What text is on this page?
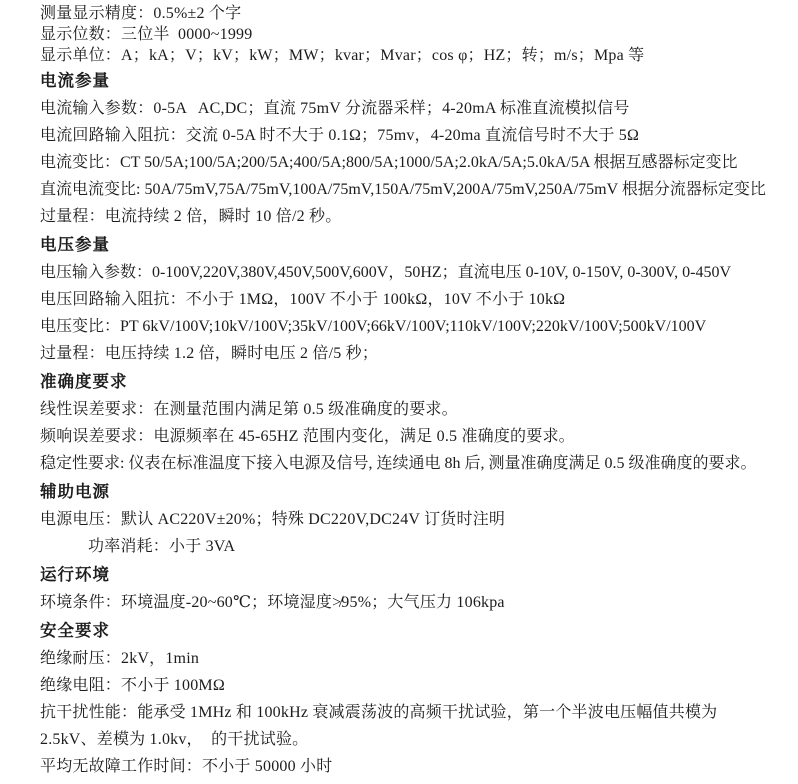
测量显示精度：0.5%±2 个字
显示位数：三位半  0000~1999
显示单位：A；kA；V；kV；kW；MW；kvar；Mvar；cos φ；HZ；转；m/s；Mpa 等
电流参量
电流输入参数：0-5A   AC,DC；直流 75mV 分流器采样；4-20mA 标准直流模拟信号
电流回路输入阻抗：交流 0-5A 时不大于 0.1Ω；75mv，4-20ma 直流信号时不大于 5Ω
电流变比：CT 50/5A;100/5A;200/5A;400/5A;800/5A;1000/5A;2.0kA/5A;5.0kA/5A 根据互感器标定变比
直流电流变比: 50A/75mV,75A/75mV,100A/75mV,150A/75mV,200A/75mV,250A/75mV 根据分流器标定变比
过量程：电流持续 2 倍，瞬时 10 倍/2 秒。
电压参量
电压输入参数：0-100V,220V,380V,450V,500V,600V，50HZ；直流电压 0-10V, 0-150V, 0-300V, 0-450V
电压回路输入阻抗：不小于 1MΩ，100V 不小于 100kΩ，10V 不小于 10kΩ
电压变比：PT 6kV/100V;10kV/100V;35kV/100V;66kV/100V;110kV/100V;220kV/100V;500kV/100V
过量程：电压持续 1.2 倍，瞬时电压 2 倍/5 秒；
准确度要求
线性误差要求：在测量范围内满足第 0.5 级准确度的要求。
频响误差要求：电源频率在 45-65HZ 范围内变化，满足 0.5 准确度的要求。
稳定性要求: 仪表在标准温度下接入电源及信号, 连续通电 8h 后, 测量准确度满足 0.5 级准确度的要求。
辅助电源
电源电压：默认 AC220V±20%；特殊 DC220V,DC24V 订货时注明
功率消耗：小于 3VA
运行环境
环境条件：环境温度-20~60℃；环境湿度≯95%；大气压力 106kpa
安全要求
绝缘耐压：2kV，1min
绝缘电阻：不小于 100MΩ
抗干扰性能：能承受 1MHz 和 100kHz 衰减震荡波的高频干扰试验，第一个半波电压幅值共模为
2.5kV、差模为 1.0kv，  的干扰试验。
平均无故障工作时间：不小于 50000 小时
